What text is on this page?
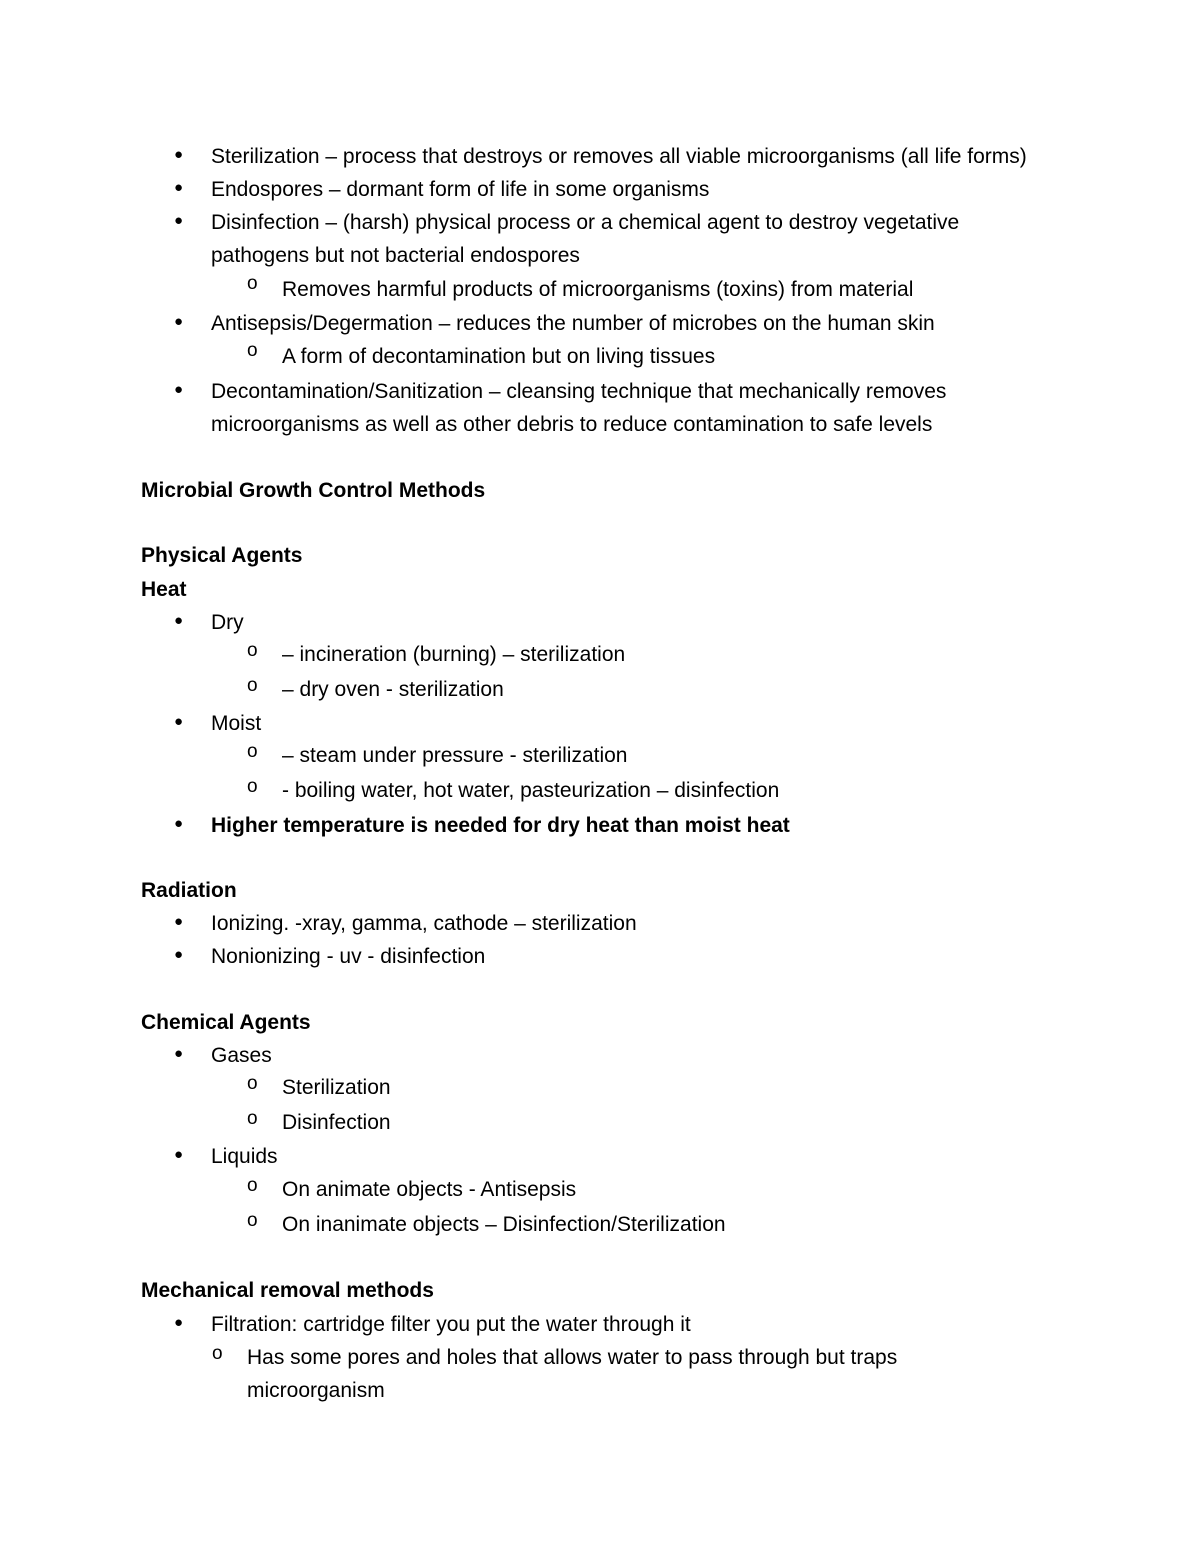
● Sterilization – process that destroys or removes all viable microorganisms (all life forms)
● Endospores – dormant form of life in some organisms
● Disinfection – (harsh) physical process or a chemical agent to destroy vegetative
pathogens but not bacterial endospores
o Removes harmful products of microorganisms (toxins) from material
● Antisepsis/Degermation – reduces the number of microbes on the human skin
o A form of decontamination but on living tissues
● Decontamination/Sanitization – cleansing technique that mechanically removes
microorganisms as well as other debris to reduce contamination to safe levels
Microbial Growth Control Methods
Physical Agents
Heat
● Dry
o – incineration (burning) – sterilization
o – dry oven - sterilization
● Moist
o – steam under pressure - sterilization
o - boiling water, hot water, pasteurization – disinfection
● Higher temperature is needed for dry heat than moist heat
Radiation
● Ionizing. -xray, gamma, cathode – sterilization
● Nonionizing - uv - disinfection
Chemical Agents
● Gases
o Sterilization
o Disinfection
● Liquids
o On animate objects - Antisepsis
o On inanimate objects – Disinfection/Sterilization
Mechanical removal methods
● Filtration: cartridge filter you put the water through it
o Has some pores and holes that allows water to pass through but traps
microorganism
